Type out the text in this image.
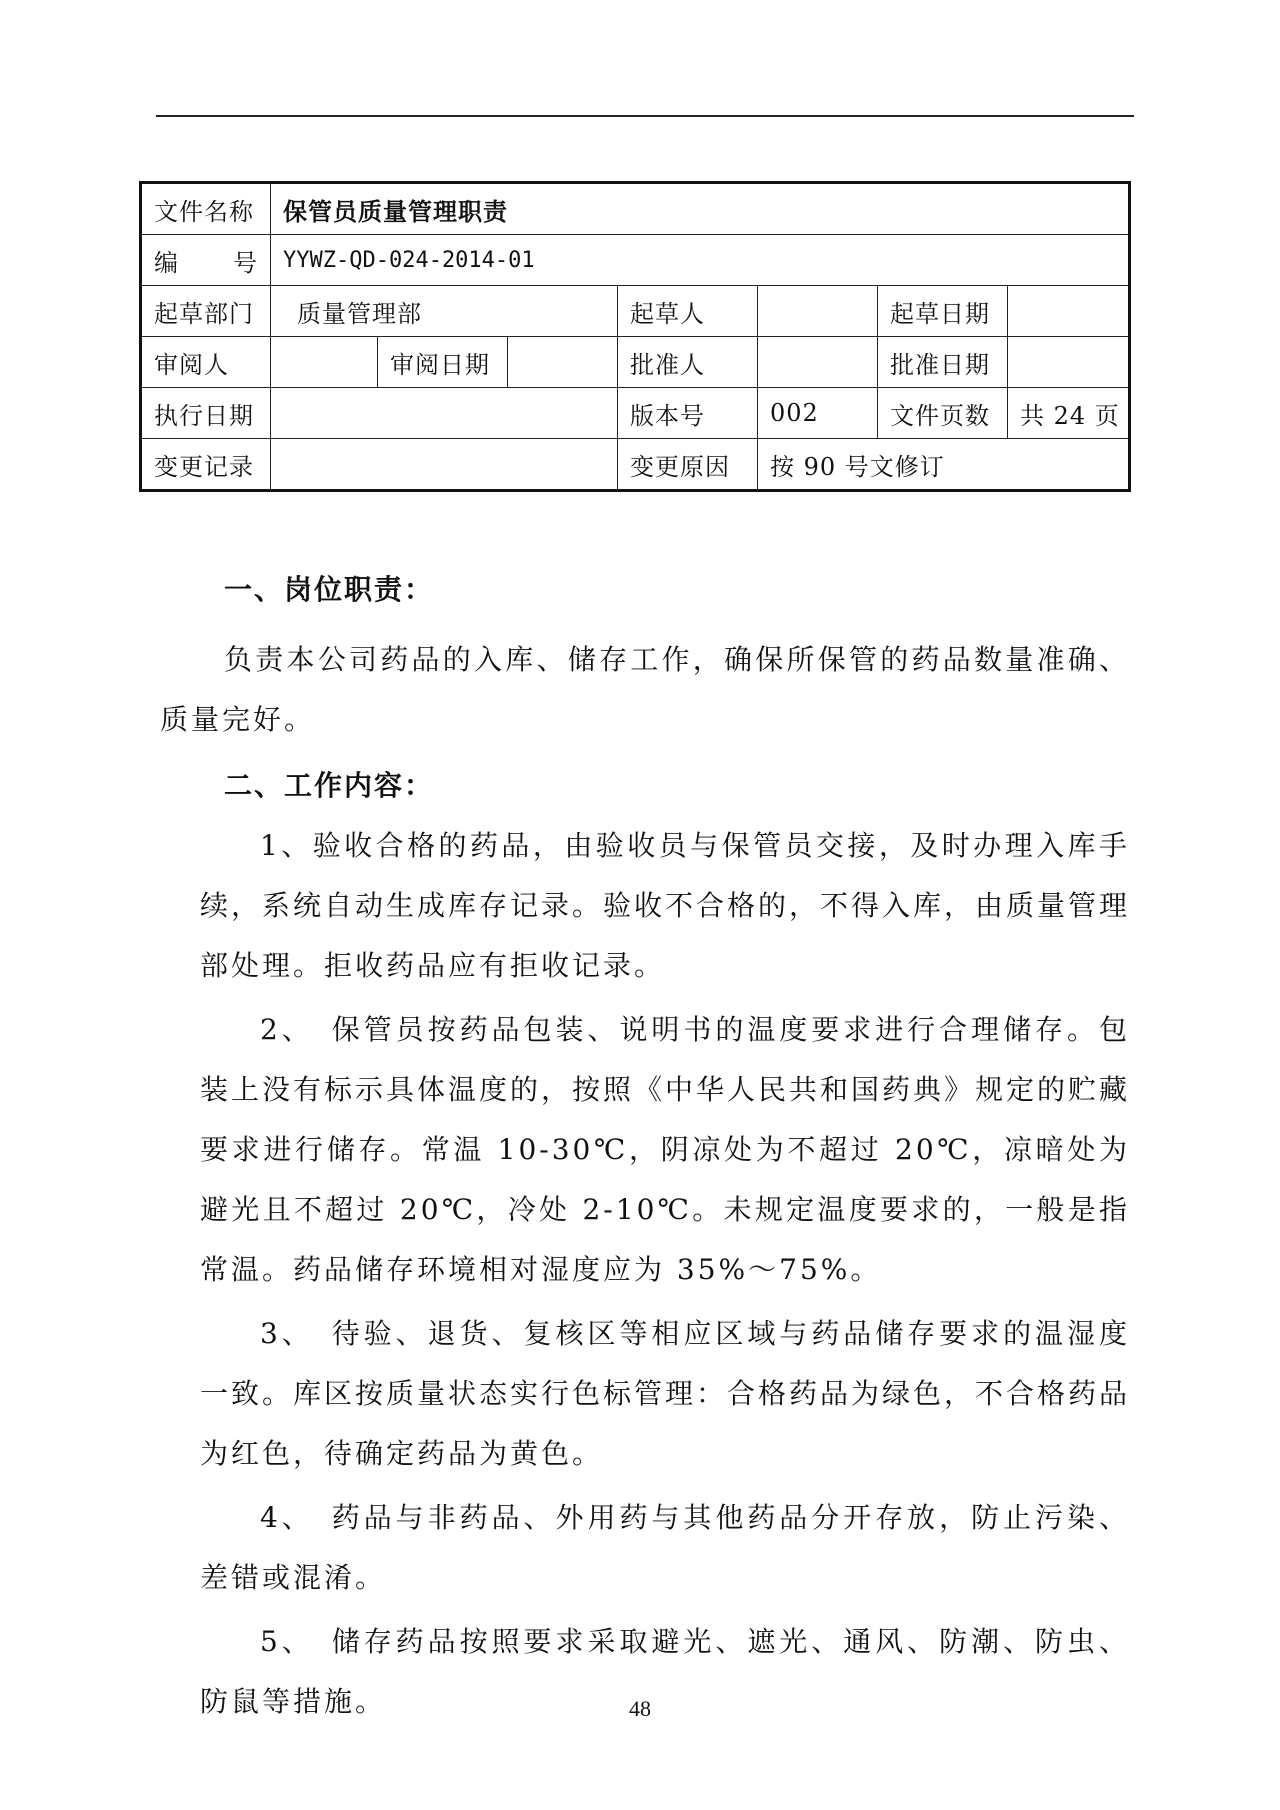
文件名称	保管员质量管理职责						
编　号	YYWZ-QD-024-2014-01						
起草部门	质量管理部			起草人		起草日期	
审阅人		审阅日期		批准人		批准日期	
执行日期				版本号	002	文件页数	共 24 页
变更记录				变更原因	按 90 号文修订		

一、岗位职责：

负责本公司药品的入库、储存工作，确保所保管的药品数量准确、质量完好。

二、工作内容：

1、验收合格的药品，由验收员与保管员交接，及时办理入库手续，系统自动生成库存记录。验收不合格的，不得入库，由质量管理部处理。拒收药品应有拒收记录。

2、　保管员按药品包装、说明书的温度要求进行合理储存。包装上没有标示具体温度的，按照《中华人民共和国药典》规定的贮藏要求进行储存。常温 10-30℃，阴凉处为不超过 20℃，凉暗处为避光且不超过 20℃，冷处 2-10℃。未规定温度要求的，一般是指常温。药品储存环境相对湿度应为 35%～75%。

3、　待验、退货、复核区等相应区域与药品储存要求的温湿度一致。库区按质量状态实行色标管理：合格药品为绿色，不合格药品为红色，待确定药品为黄色。

4、　药品与非药品、外用药与其他药品分开存放，防止污染、差错或混淆。

5、　储存药品按照要求采取避光、遮光、通风、防潮、防虫、防鼠等措施。	48
